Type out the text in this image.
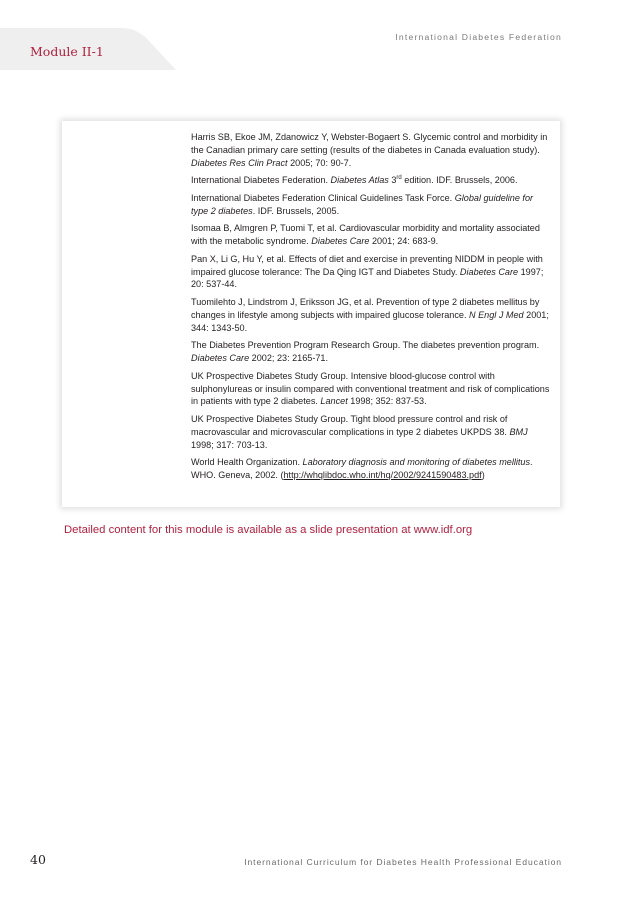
International Diabetes Federation
Module II-1
Harris SB, Ekoe JM, Zdanowicz Y, Webster-Bogaert S. Glycemic control and morbidity in the Canadian primary care setting (results of the diabetes in Canada evaluation study). Diabetes Res Clin Pract 2005; 70: 90-7.
International Diabetes Federation. Diabetes Atlas 3rd edition. IDF. Brussels, 2006.
International Diabetes Federation Clinical Guidelines Task Force. Global guideline for type 2 diabetes. IDF. Brussels, 2005.
Isomaa B, Almgren P, Tuomi T, et al. Cardiovascular morbidity and mortality associated with the metabolic syndrome. Diabetes Care 2001; 24: 683-9.
Pan X, Li G, Hu Y, et al. Effects of diet and exercise in preventing NIDDM in people with impaired glucose tolerance: The Da Qing IGT and Diabetes Study. Diabetes Care 1997; 20: 537-44.
Tuomilehto J, Lindstrom J, Eriksson JG, et al. Prevention of type 2 diabetes mellitus by changes in lifestyle among subjects with impaired glucose tolerance. N Engl J Med 2001; 344: 1343-50.
The Diabetes Prevention Program Research Group. The diabetes prevention program. Diabetes Care 2002; 23: 2165-71.
UK Prospective Diabetes Study Group. Intensive blood-glucose control with sulphonylureas or insulin compared with conventional treatment and risk of complications in patients with type 2 diabetes. Lancet 1998; 352: 837-53.
UK Prospective Diabetes Study Group. Tight blood pressure control and risk of macrovascular and microvascular complications in type 2 diabetes UKPDS 38. BMJ 1998; 317: 703-13.
World Health Organization. Laboratory diagnosis and monitoring of diabetes mellitus. WHO. Geneva, 2002. (http://whqlibdoc.who.int/hq/2002/9241590483.pdf)
Detailed content for this module is available as a slide presentation at www.idf.org
40	International Curriculum for Diabetes Health Professional Education
